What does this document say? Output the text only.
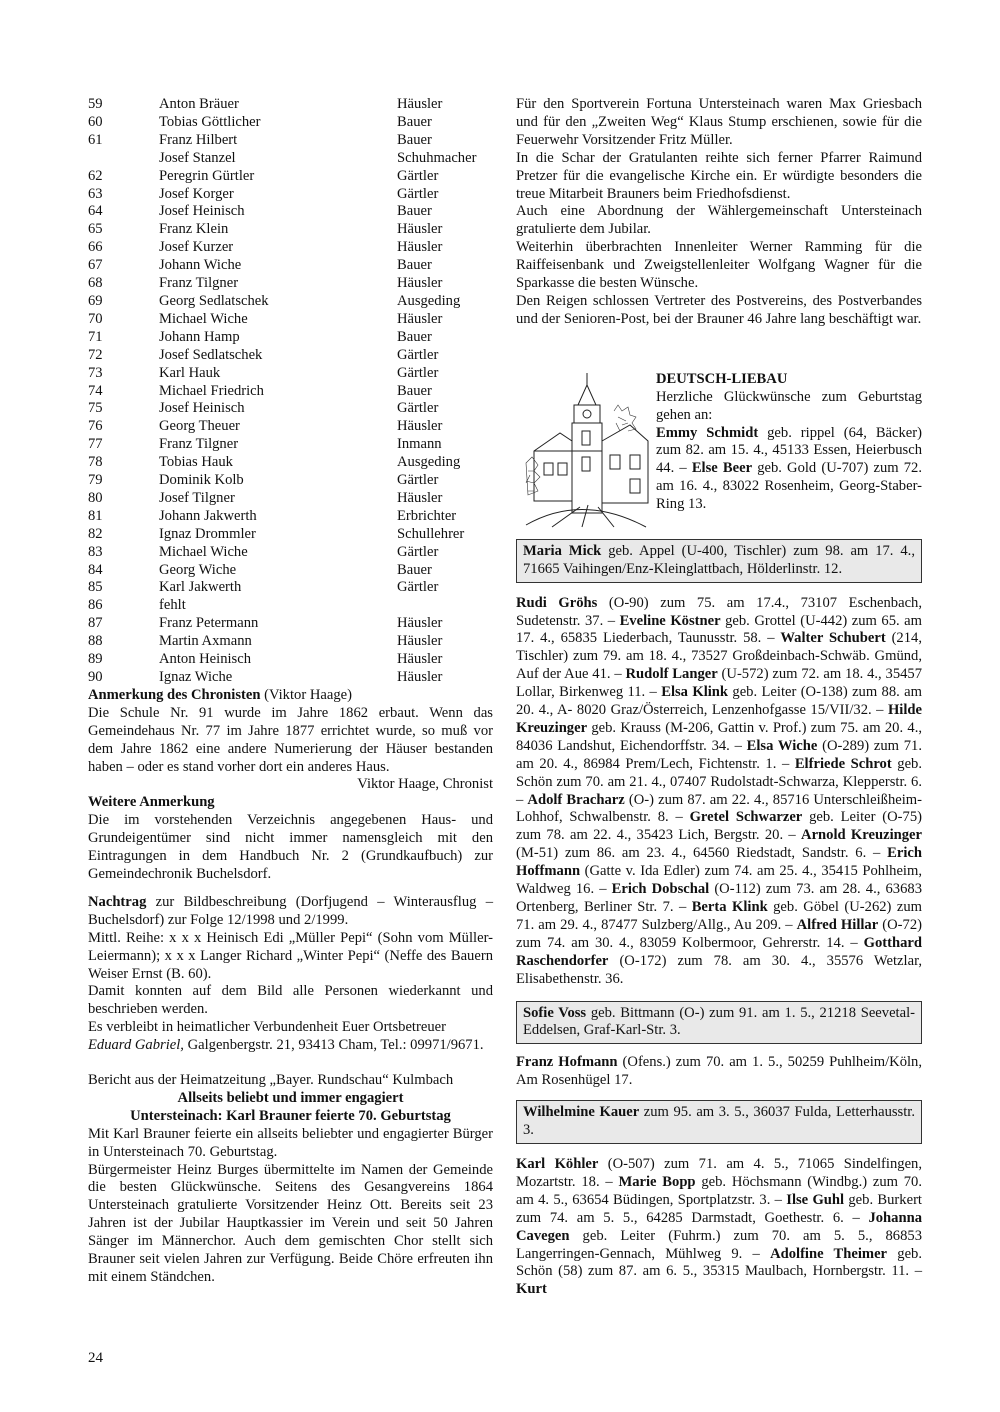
59	Anton Bräuer	Häusler
60	Tobias Göttlicher	Bauer
61	Franz Hilbert	Bauer
	Josef Stanzel	Schuhmacher
62	Peregrin Gürtler	Gärtler
63	Josef Korger	Gärtler
64	Josef Heinisch	Bauer
65	Franz Klein	Häusler
66	Josef Kurzer	Häusler
67	Johann Wiche	Bauer
68	Franz Tilgner	Häusler
69	Georg Sedlatschek	Ausgeding
70	Michael Wiche	Häusler
71	Johann Hamp	Bauer
72	Josef Sedlatschek	Gärtler
73	Karl Hauk	Gärtler
74	Michael Friedrich	Bauer
75	Josef Heinisch	Gärtler
76	Georg Theuer	Häusler
77	Franz Tilgner	Inmann
78	Tobias Hauk	Ausgeding
79	Dominik Kolb	Gärtler
80	Josef Tilgner	Häusler
81	Johann Jakwerth	Erbrichter
82	Ignaz Drommler	Schullehrer
83	Michael Wiche	Gärtler
84	Georg Wiche	Bauer
85	Karl Jakwerth	Gärtler
86	fehlt	
87	Franz Petermann	Häusler
88	Martin Axmann	Häusler
89	Anton Heinisch	Häusler
90	Ignaz Wiche	Häusler

Anmerkung des Chronisten (Viktor Haage)

Die Schule Nr. 91 wurde im Jahre 1862 erbaut. Wenn das Gemeindehaus Nr. 77 im Jahre 1877 errichtet wurde, so muß vor dem Jahre 1862 eine andere Numerierung der Häuser bestanden haben – oder es stand vorher dort ein anderes Haus.

Viktor Haage, Chronist

Weitere Anmerkung

Die im vorstehenden Verzeichnis angegebenen Haus- und Grundeigentümer sind nicht immer namensgleich mit den Eintragungen in dem Handbuch Nr. 2 (Grundkaufbuch) zur Gemeindechronik Buchelsdorf.

Nachtrag zur Bildbeschreibung (Dorfjugend – Winterausflug – Buchelsdorf) zur Folge 12/1998 und 2/1999.

Mittl. Reihe: x x x Heinisch Edi „Müller Pepi“ (Sohn vom Müller-Leiermann); x x x Langer Richard „Winter Pepi“ (Neffe des Bauern Weiser Ernst (B. 60).

Damit konnten auf dem Bild alle Personen wiederkannt und beschrieben werden.

Es verbleibt in heimatlicher Verbundenheit Euer Ortsbetreuer

Eduard Gabriel, Galgenbergstr. 21, 93413 Cham, Tel.: 09971/9671.

Bericht aus der Heimatzeitung „Bayer. Rundschau“ Kulmbach

Allseits beliebt und immer engagiert

Untersteinach: Karl Brauner feierte 70. Geburtstag

Mit Karl Brauner feierte ein allseits beliebter und engagierter Bürger in Untersteinach 70. Geburtstag.

Bürgermeister Heinz Burges übermittelte im Namen der Gemeinde die besten Glückwünsche. Seitens des Gesangvereins 1864 Untersteinach gratulierte Vorsitzender Heinz Ott. Bereits seit 23 Jahren ist der Jubilar Hauptkassier im Verein und seit 50 Jahren Sänger im Männerchor. Auch dem gemischten Chor stellt sich Brauner seit vielen Jahren zur Verfügung. Beide Chöre erfreuten ihn mit einem Ständchen.

Für den Sportverein Fortuna Untersteinach waren Max Griesbach und für den „Zweiten Weg“ Klaus Stump erschienen, sowie für die Feuerwehr Vorsitzender Fritz Müller.

In die Schar der Gratulanten reihte sich ferner Pfarrer Raimund Pretzer für die evangelische Kirche ein. Er würdigte besonders die treue Mitarbeit Brauners beim Friedhofsdienst.

Auch eine Abordnung der Wählergemeinschaft Untersteinach gratulierte dem Jubilar.

Weiterhin überbrachten Innenleiter Werner Ramming für die Raiffeisenbank und Zweigstellenleiter Wolfgang Wagner für die Sparkasse die besten Wünsche.

Den Reigen schlossen Vertreter des Postvereins, des Postverbandes und der Senioren-Post, bei der Brauner 46 Jahre lang beschäftigt war.

DEUTSCH-LIEBAU

Herzliche Glückwünsche zum Geburtstag gehen an:

Emmy Schmidt geb. rippel (64, Bäcker) zum 82. am 15. 4., 45133 Essen, Heierbusch 44. – Else Beer geb. Gold (U-707) zum 72. am 16. 4., 83022 Rosenheim, Georg-Staber-Ring 13.

Maria Mick geb. Appel (U-400, Tischler) zum 98. am 17. 4., 71665 Vaihingen/Enz-Kleinglattbach, Hölderlinstr. 12.

Rudi Gröhs (O-90) zum 75. am 17.4., 73107 Eschenbach, Sudetenstr. 37. – Eveline Köstner geb. Grottel (U-442) zum 65. am 17. 4., 65835 Liederbach, Taunusstr. 58. – Walter Schubert (214, Tischler) zum 79. am 18. 4., 73527 Großdeinbach-Schwäb. Gmünd, Auf der Aue 41. – Rudolf Langer (U-572) zum 72. am 18. 4., 35457 Lollar, Birkenweg 11. – Elsa Klink geb. Leiter (O-138) zum 88. am 20. 4., A- 8020 Graz/Österreich, Lenzenhofgasse 15/VII/32. – Hilde Kreuzinger geb. Krauss (M-206, Gattin v. Prof.) zum 75. am 20. 4., 84036 Landshut, Eichendorffstr. 34. – Elsa Wiche (O-289) zum 71. am 20. 4., 86984 Prem/Lech, Fichtenstr. 1. – Elfriede Schrot geb. Schön zum 70. am 21. 4., 07407 Rudolstadt-Schwarza, Klepperstr. 6. – Adolf Bracharz (O-) zum 87. am 22. 4., 85716 Unterschleißheim-Lohhof, Schwalbenstr. 8. – Gretel Schwarzer geb. Leiter (O-75) zum 78. am 22. 4., 35423 Lich, Bergstr. 20. – Arnold Kreuzinger (M-51) zum 86. am 23. 4., 64560 Riedstadt, Sandstr. 6. – Erich Hoffmann (Gatte v. Ida Edler) zum 74. am 25. 4., 35415 Pohlheim, Waldweg 16. – Erich Dobschal (O-112) zum 73. am 28. 4., 63683 Ortenberg, Berliner Str. 7. – Berta Klink geb. Göbel (U-262) zum 71. am 29. 4., 87477 Sulzberg/Allg., Au 209. – Alfred Hillar (O-72) zum 74. am 30. 4., 83059 Kolbermoor, Gehrerstr. 14. – Gotthard Raschendorfer (O-172) zum 78. am 30. 4., 35576 Wetzlar, Elisabethenstr. 36.

Sofie Voss geb. Bittmann (O-) zum 91. am 1. 5., 21218 Seevetal-Eddelsen, Graf-Karl-Str. 3.

Franz Hofmann (Ofens.) zum 70. am 1. 5., 50259 Puhlheim/Köln, Am Rosenhügel 17.

Wilhelmine Kauer zum 95. am 3. 5., 36037 Fulda, Letterhausstr. 3.

Karl Köhler (O-507) zum 71. am 4. 5., 71065 Sindelfingen, Mozartstr. 18. – Marie Bopp geb. Höchsmann (Windbg.) zum 70. am 4. 5., 63654 Büdingen, Sportplatzstr. 3. – Ilse Guhl geb. Burkert zum 74. am 5. 5., 64285 Darmstadt, Goethestr. 6. – Johanna Cavegen geb. Leiter (Fuhrm.) zum 70. am 5. 5., 86853 Langerringen-Gennach, Mühlweg 9. – Adolfine Theimer geb. Schön (58) zum 87. am 6. 5., 35315 Maulbach, Hornbergstr. 11. – Kurt

24
